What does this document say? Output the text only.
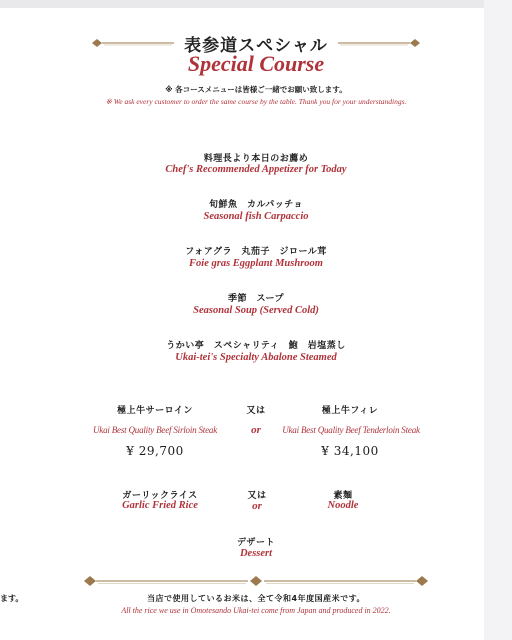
表参道スペシャル
Special Course
※ 各コースメニューは皆様ご一緒でお願い致します。
※ We ask every customer to order the same course by the table. Thank you for your understandings.
料理長より本日のお薦め
Chef's Recommended Appetizer for Today
旬鮮魚　カルパッチョ
Seasonal fish Carpaccio
フォアグラ　丸茄子　ジロール茸
Foie gras Eggplant Mushroom
季節　スープ
Seasonal Soup (Served Cold)
うかい亭　スペシャリティ　鮑　岩塩蒸し
Ukai-tei's Specialty Abalone Steamed
極上牛サーロイン
Ukai Best Quality Beef Sirloin Steak
¥ 29,700
又は
or
極上牛フィレ
Ukai Best Quality Beef Tenderloin Steak
¥ 34,100
ガーリックライス
Garlic Fried Rice
又は
or
素麺
Noodle
デザート
Dessert
ます。	当店で使用しているお米は、全て令和4年度国産米です。
All the rice we use in Omotesando Ukai-tei come from Japan and produced in 2022.
